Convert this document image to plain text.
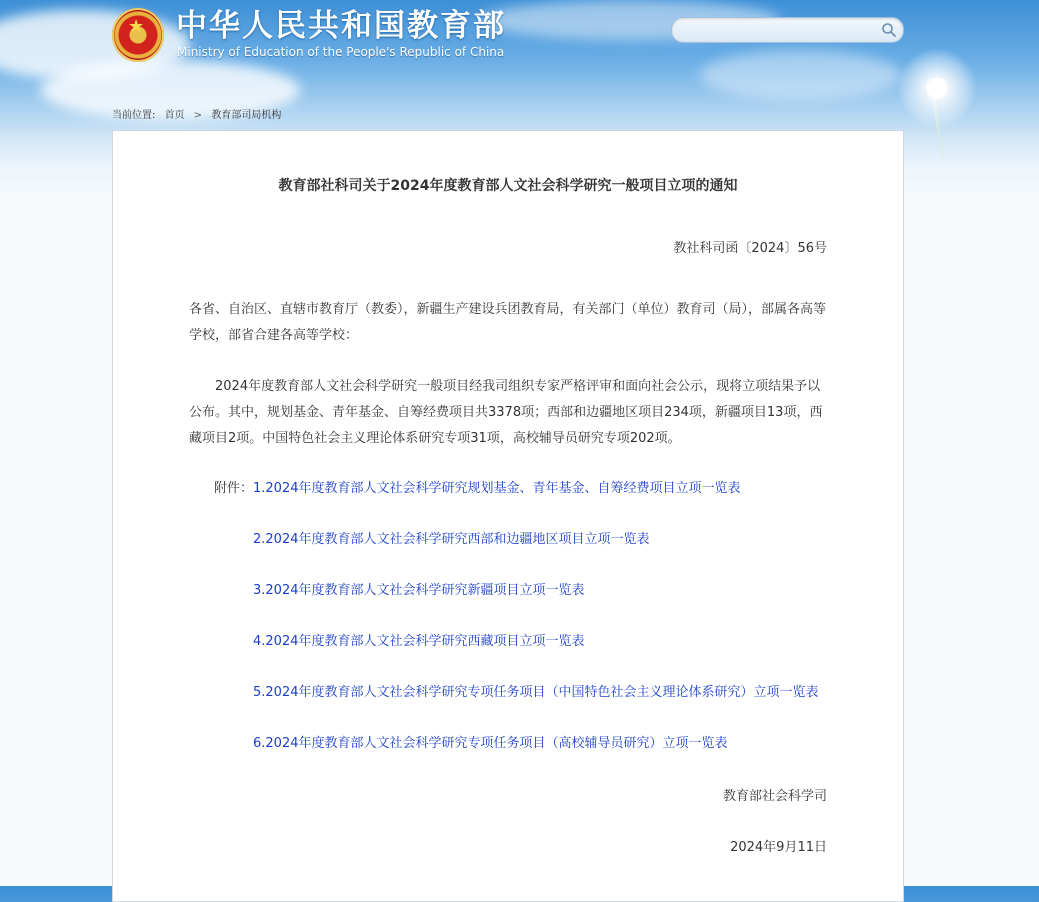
★ 中华人民共和国教育部
Ministry of Education of the People's Republic of China
当前位置: 首页 > 教育部司局机构
教育部社科司关于2024年度教育部人文社会科学研究一般项目立项的通知
教社科司函〔2024〕56号

各省、自治区、直辖市教育厅（教委），新疆生产建设兵团教育局，有关部门（单位）教育司（局），部属各高等学校，部省合建各高等学校：

2024年度教育部人文社会科学研究一般项目经我司组织专家严格评审和面向社会公示，现将立项结果予以公布。其中，规划基金、青年基金、自筹经费项目共3378项；西部和边疆地区项目234项，新疆项目13项，西藏项目2项。中国特色社会主义理论体系研究专项31项，高校辅导员研究专项202项。

附件： 1.2024年度教育部人文社会科学研究规划基金、青年基金、自筹经费项目立项一览表
2.2024年度教育部人文社会科学研究西部和边疆地区项目立项一览表
3.2024年度教育部人文社会科学研究新疆项目立项一览表
4.2024年度教育部人文社会科学研究西藏项目立项一览表
5.2024年度教育部人文社会科学研究专项任务项目（中国特色社会主义理论体系研究）立项一览表
6.2024年度教育部人文社会科学研究专项任务项目（高校辅导员研究）立项一览表
教育部社会科学司
2024年9月11日
